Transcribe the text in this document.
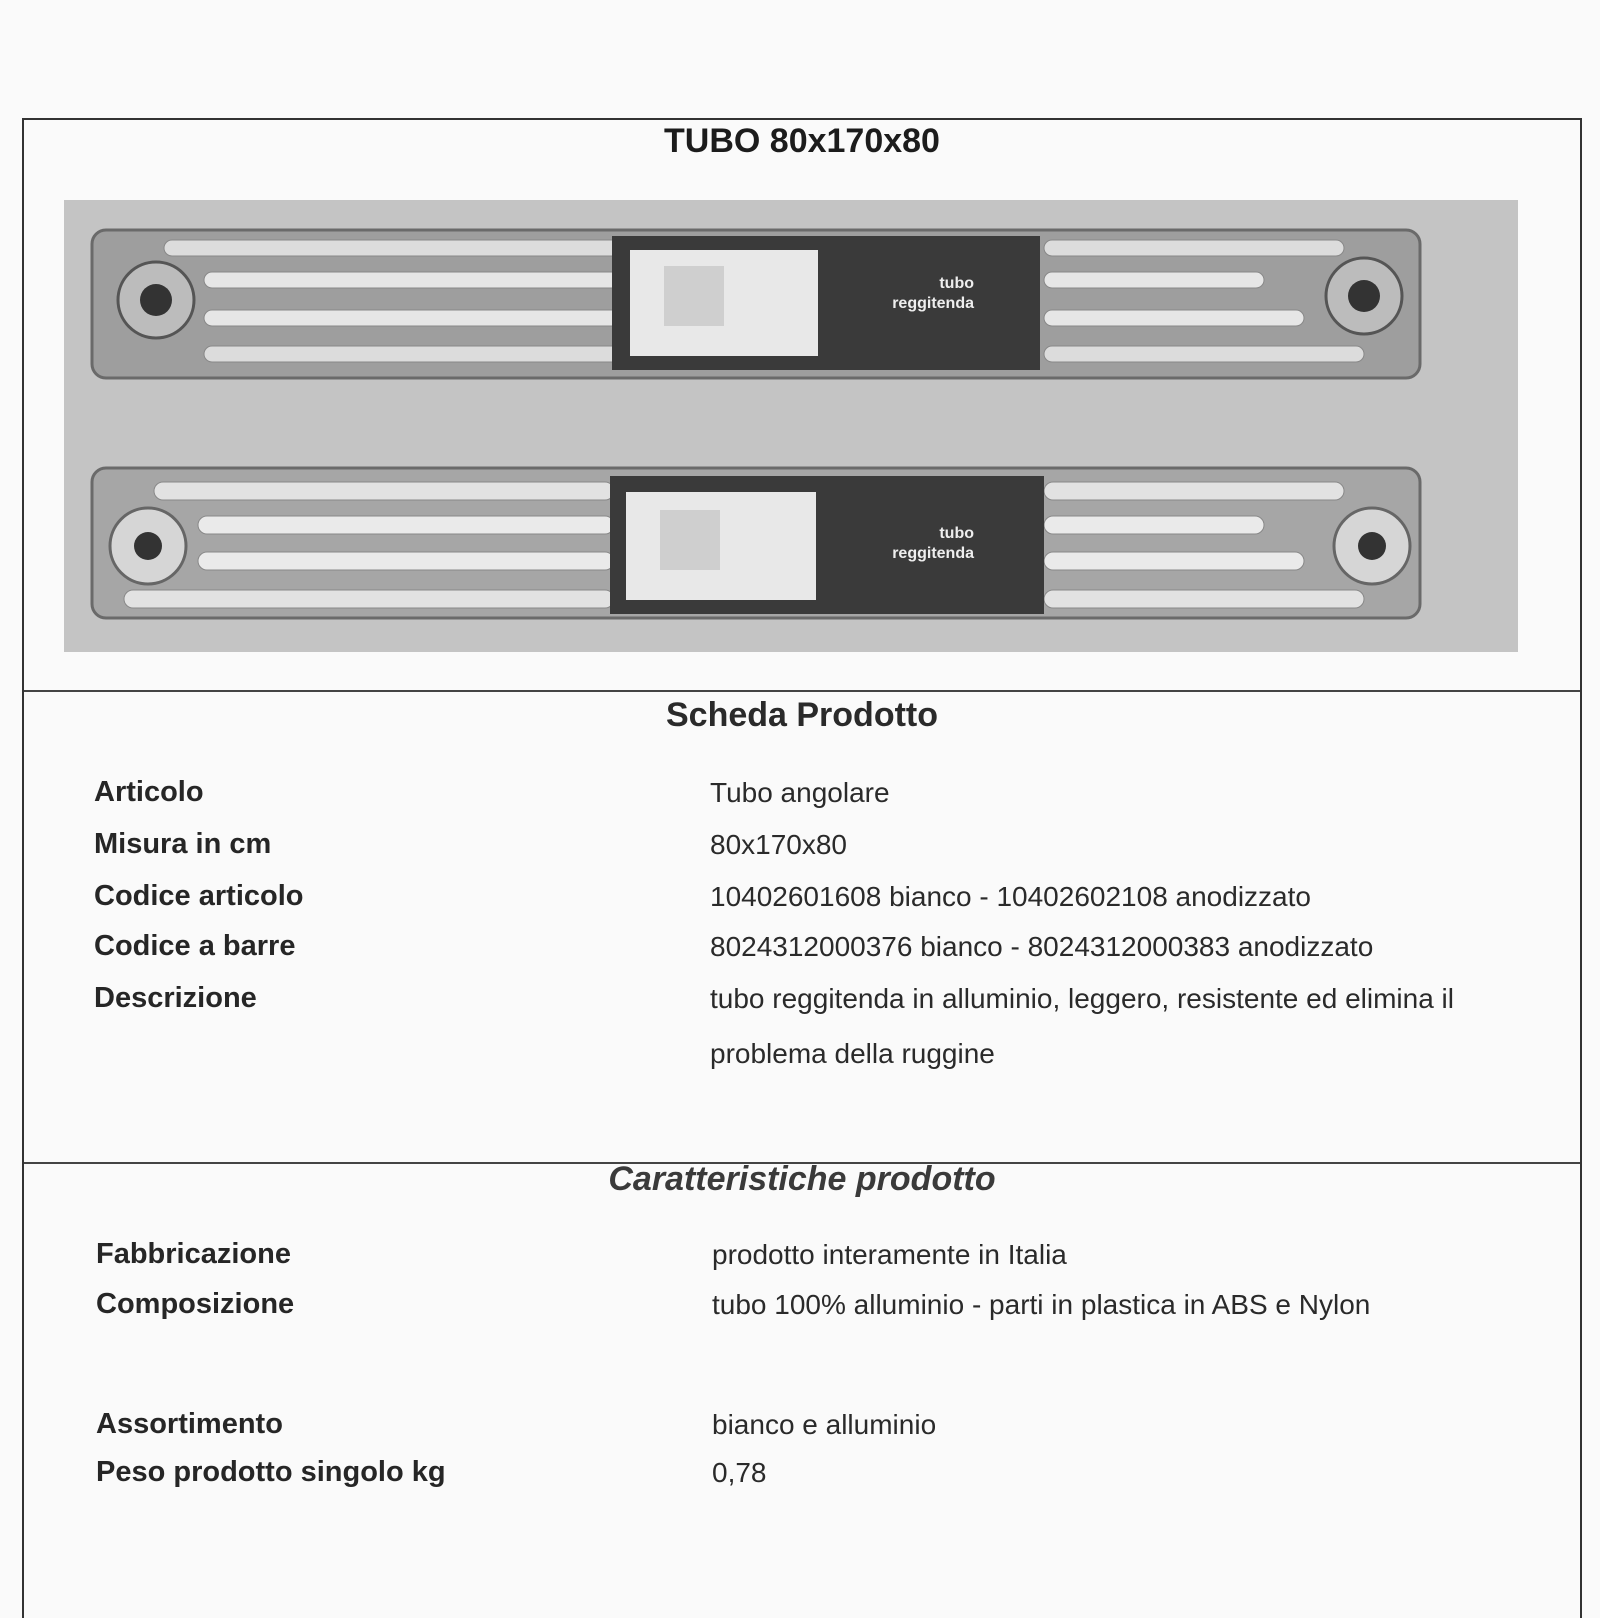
TUBO 80x170x80
tubo
reggitenda
tubo
reggitenda
Scheda Prodotto
Articolo	Tubo angolare
Misura in cm	80x170x80
Codice articolo	10402601608 bianco - 10402602108 anodizzato
Codice a barre	8024312000376 bianco - 8024312000383 anodizzato
Descrizione	tubo reggitenda in alluminio, leggero, resistente ed elimina il problema della ruggine
Caratteristiche prodotto
Fabbricazione	prodotto interamente in Italia
Composizione	tubo 100% alluminio - parti in plastica in ABS e Nylon
Assortimento	bianco e alluminio
Peso prodotto singolo kg	0,78
